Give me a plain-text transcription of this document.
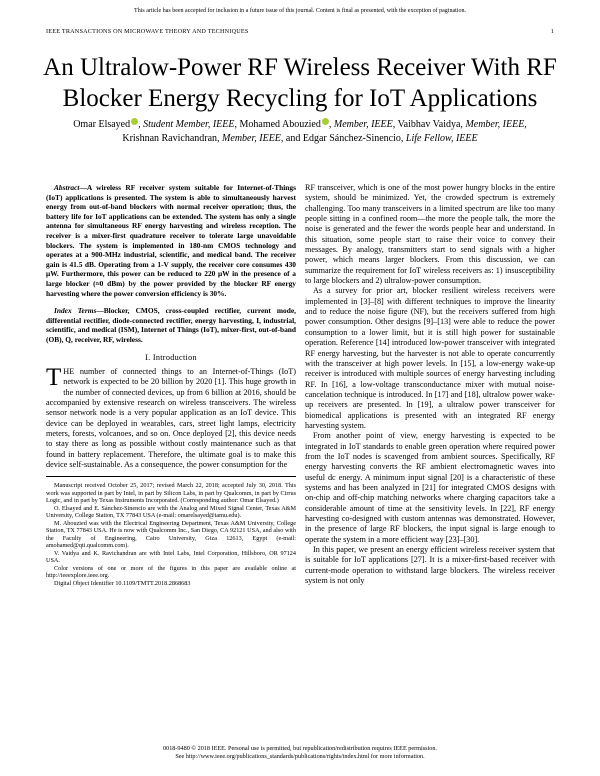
This article has been accepted for inclusion in a future issue of this journal. Content is final as presented, with the exception of pagination.
IEEE TRANSACTIONS ON MICROWAVE THEORY AND TECHNIQUES	1
An Ultralow-Power RF Wireless Receiver With RF
Blocker Energy Recycling for IoT Applications
Omar Elsayed , Student Member, IEEE, Mohamed Abouzied , Member, IEEE, Vaibhav Vaidya, Member, IEEE,
Krishnan Ravichandran, Member, IEEE, and Edgar Sánchez-Sinencio, Life Fellow, IEEE

Abstract—A wireless RF receiver system suitable for Internet-of-Things (IoT) applications is presented. The system is able to simultaneously harvest energy from out-of-band blockers with normal receiver operation; thus, the battery life for IoT applications can be extended. The system has only a single antenna for simultaneous RF energy harvesting and wireless reception. The receiver is a mixer-first quadrature receiver to tolerate large unavoidable blockers. The system is implemented in 180-nm CMOS technology and operates at a 900-MHz industrial, scientific, and medical band. The receiver gain is 41.5 dB. Operating from a 1-V supply, the receiver core consumes 430 μW. Furthermore, this power can be reduced to 220 μW in the presence of a large blocker (≈0 dBm) by the power provided by the blocker RF energy harvesting where the power conversion efficiency is 30%.

Index Terms—Blocker, CMOS, cross-coupled rectifier, current mode, differential rectifier, diode-connected rectifier, energy harvesting, I, industrial, scientific, and medical (ISM), Internet of Things (IoT), mixer-first, out-of-band (OB), Q, receiver, RF, wireless.

I. Introduction

THE number of connected things to an Internet-of-Things (IoT) network is expected to be 20 billion by 2020 [1]. This huge growth in the number of connected devices, up from 6 billion at 2016, should be accompanied by extensive research on wireless transceivers. The wireless sensor network node is a very popular application as an IoT device. This device can be deployed in wearables, cars, street light lamps, electricity meters, forests, volcanoes, and so on. Once deployed [2], this device needs to stay there as long as possible without costly maintenance such as that found in battery replacement. Therefore, the ultimate goal is to make this device self-sustainable. As a consequence, the power consumption for the

Manuscript received October 25, 2017; revised March 22, 2018; accepted July 30, 2018. This work was supported in part by Intel, in part by Silicon Labs, in part by Qualcomm, in part by Cirrus Logic, and in part by Texas Instruments Incorporated. (Corresponding author: Omar Elsayed.)

O. Elsayed and E. Sánchez-Sinencio are with the Analog and Mixed Signal Center, Texas A&M University, College Station, TX 77843 USA (e-mail: omarelsayed@tamu.edu).

M. Abouzied was with the Electrical Engineering Department, Texas A&M University, College Station, TX 77843 USA. He is now with Qualcomm Inc., San Diego, CA 92121 USA, and also with the Faculty of Engineering, Cairo University, Giza 12613, Egypt (e-mail: amohamed@qti.qualcomm.com).

V. Vaidya and K. Ravichandran are with Intel Labs, Intel Corporation, Hillsboro, OR 97124 USA.

Color versions of one or more of the figures in this paper are available online at http://ieeexplore.ieee.org.

Digital Object Identifier 10.1109/TMTT.2018.2868683

RF transceiver, which is one of the most power hungry blocks in the entire system, should be minimized. Yet, the crowded spectrum is extremely challenging. Too many transceivers in a limited spectrum are like too many people sitting in a confined room—the more the people talk, the more the noise is generated and the fewer the words people hear and understand. In this situation, some people start to raise their voice to convey their messages. By analogy, transmitters start to send signals with a higher power, which means larger blockers. From this discussion, we can summarize the requirement for IoT wireless receivers as: 1) insusceptibility to large blockers and 2) ultralow-power consumption.

As a survey for prior art, blocker resilient wireless receivers were implemented in [3]–[8] with different techniques to improve the linearity and to reduce the noise figure (NF), but the receivers suffered from high power consumption. Other designs [9]–[13] were able to reduce the power consumption to a lower limit, but it is still high power for sustainable operation. Reference [14] introduced low-power transceiver with integrated RF energy harvesting, but the harvester is not able to operate concurrently with the transceiver at high power levels. In [15], a low-energy wake-up receiver is introduced with multiple sources of energy harvesting including RF. In [16], a low-voltage transconductance mixer with mutual noise-cancelation technique is introduced. In [17] and [18], ultralow power wake-up receivers are presented. In [19], a ultralow power transceiver for biomedical applications is presented with an integrated RF energy harvesting system.

From another point of view, energy harvesting is expected to be integrated in IoT standards to enable green operation where required power from the IoT nodes is scavenged from ambient sources. Specifically, RF energy harvesting converts the RF ambient electromagnetic waves into useful dc energy. A minimum input signal [20] is a characteristic of these systems and has been analyzed in [21] for integrated CMOS designs with on-chip and off-chip matching networks where charging capacitors take a considerable amount of time at the sensitivity levels. In [22], RF energy harvesting co-designed with custom antennas was demonstrated. However, in the presence of large RF blockers, the input signal is large enough to operate the system in a more efficient way [23]–[30].

In this paper, we present an energy efficient wireless receiver system that is suitable for IoT applications [27]. It is a mixer-first-based receiver with current-mode operation to withstand large blockers. The wireless receiver system is not only

0018-9480 © 2018 IEEE. Personal use is permitted, but republication/redistribution requires IEEE permission.
See http://www.ieee.org/publications_standards/publications/rights/index.html for more information.
